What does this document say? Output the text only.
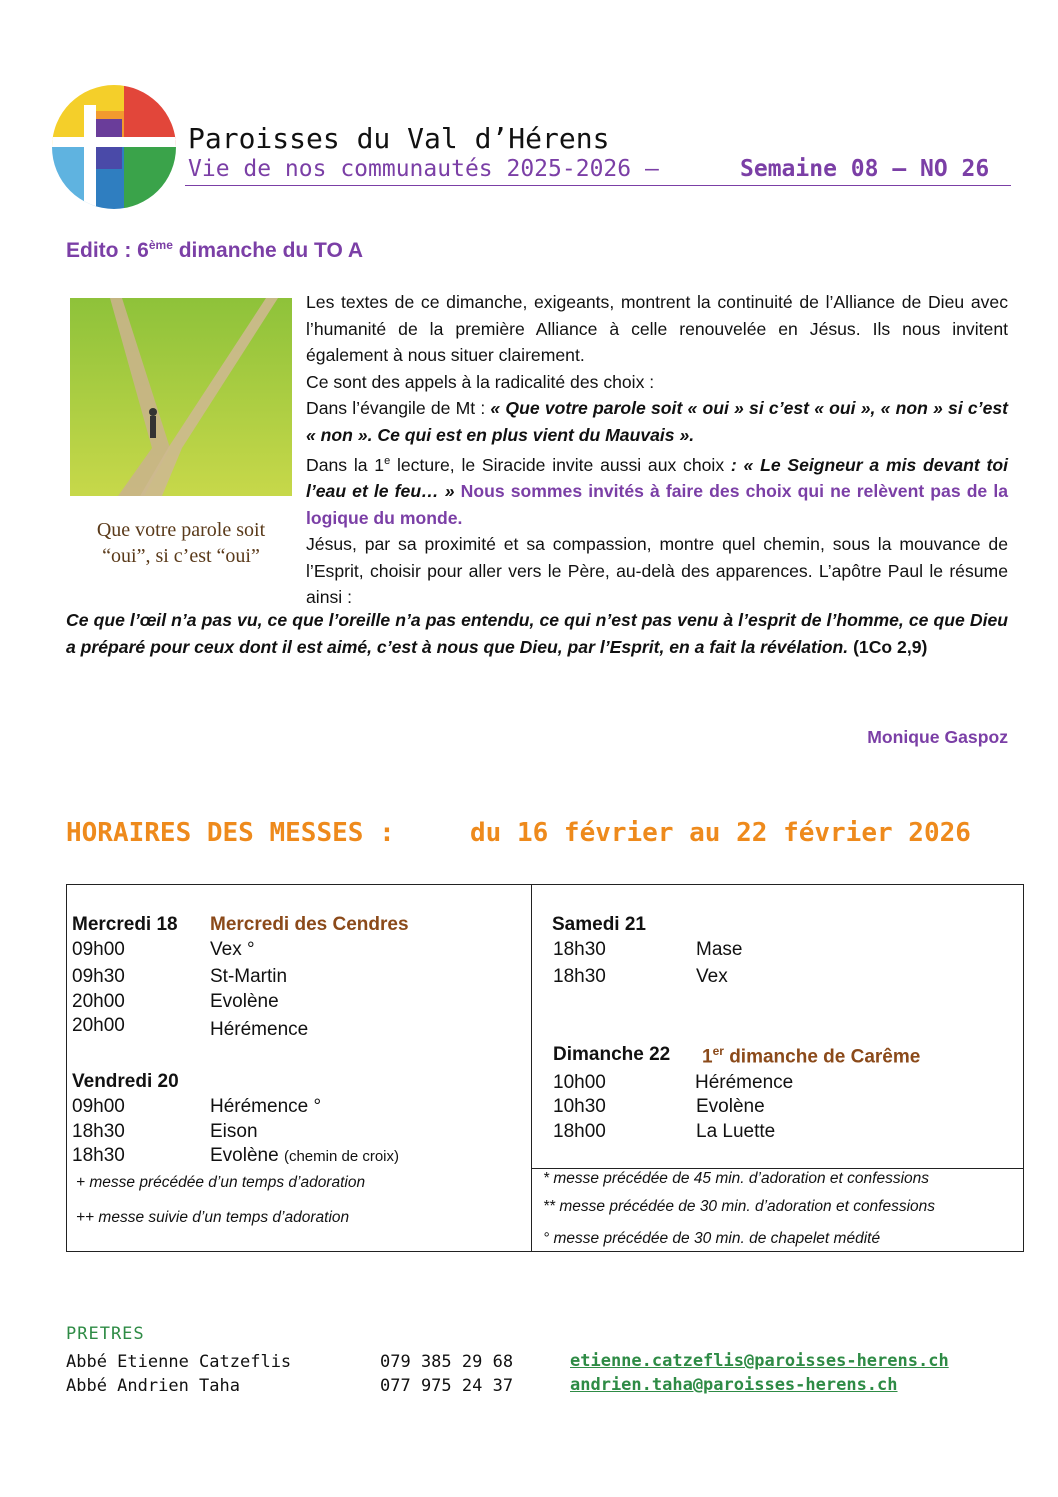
Paroisses du Val d’Hérens
Vie de nos communautés 2025-2026 –	Semaine 08 – NO 26
Edito : 6ème dimanche du TO A
Que votre parole soit
“oui”, si c’est “oui”

Les textes de ce dimanche, exigeants, montrent la continuité de l’Alliance de Dieu avec l’humanité de la première Alliance à celle renouvelée en Jésus. Ils nous invitent également à nous situer clairement.

Ce sont des appels à la radicalité des choix :

Dans l’évangile de Mt : « Que votre parole soit « oui » si c’est « oui », « non » si c’est « non ». Ce qui est en plus vient du Mauvais ».

Dans la 1e lecture, le Siracide invite aussi aux choix : « Le Seigneur a mis devant toi l’eau et le feu… » Nous sommes invités à faire des choix qui ne relèvent pas de la logique du monde.

Jésus, par sa proximité et sa compassion, montre quel chemin, sous la mouvance de l’Esprit, choisir pour aller vers le Père, au-delà des apparences. L’apôtre Paul le résume ainsi :

Ce que l’œil n’a pas vu, ce que l’oreille n’a pas entendu, ce qui n’est pas venu à l’esprit de l’homme, ce que Dieu a préparé pour ceux dont il est aimé, c’est à nous que Dieu, par l’Esprit, en a fait la révélation. (1Co 2,9)
Monique Gaspoz
HORAIRES DES MESSES :	du 16 février au 22 février 2026
Mercredi 18 Mercredi des Cendres
09h00	Vex °
09h30	St-Martin
20h00	Evolène
20h00	Hérémence
Vendredi 20
09h00	Hérémence °
18h30	Eison
18h30	Evolène (chemin de croix)
Samedi 21
18h30	Mase
18h30	Vex
Dimanche 22 1er dimanche de Carême
10h00	Hérémence
10h30	Evolène
18h00	La Luette
+ messe précédée d’un temps d’adoration
++ messe suivie d’un temps d’adoration
* messe précédée de 45 min. d’adoration et confessions
** messe précédée de 30 min. d’adoration et confessions
° messe précédée de 30 min. de chapelet médité
PRETRES
Abbé Etienne Catzeflis	079 385 29 68	etienne.catzeflis@paroisses-herens.ch
Abbé Andrien Taha	077 975 24 37	andrien.taha@paroisses-herens.ch
